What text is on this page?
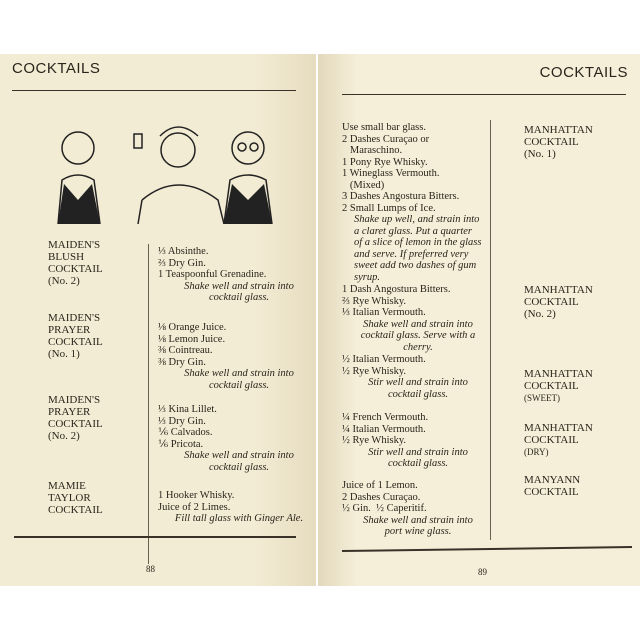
COCKTAILS
MAIDEN'S
BLUSH
COCKTAIL
(No. 2)
⅓ Absinthe.
⅔ Dry Gin.
1 Teaspoonful Grenadine.
Shake well and strain into cocktail glass.
MAIDEN'S
PRAYER
COCKTAIL
(No. 1)
⅛ Orange Juice.
⅛ Lemon Juice.
⅜ Cointreau.
⅜ Dry Gin.
Shake well and strain into cocktail glass.
MAIDEN'S
PRAYER
COCKTAIL
(No. 2)
⅓ Kina Lillet.
⅓ Dry Gin.
⅙ Calvados.
⅙ Pricota.
Shake well and strain into cocktail glass.
MAMIE
TAYLOR
COCKTAIL
1 Hooker Whisky.
Juice of 2 Limes.
Fill tall glass with Ginger Ale.
88
COCKTAILS
Use small bar glass.
2 Dashes Curaçao or
Maraschino.
1 Pony Rye Whisky.
1 Wineglass Vermouth.
(Mixed)
3 Dashes Angostura Bitters.
2 Small Lumps of Ice.
Shake up well, and strain into a claret glass. Put a quarter of a slice of lemon in the glass and serve. If preferred very sweet add two dashes of gum syrup.
MANHATTAN
COCKTAIL
(No. 1)
1 Dash Angostura Bitters.
⅔ Rye Whisky.
⅓ Italian Vermouth.
Shake well and strain into cocktail glass. Serve with a cherry.
MANHATTAN
COCKTAIL
(No. 2)
½ Italian Vermouth.
½ Rye Whisky.
Stir well and strain into cocktail glass.

MANHATTAN
COCKTAIL
(SWEET)

¼ French Vermouth.
¼ Italian Vermouth.
½ Rye Whisky.
Stir well and strain into cocktail glass.

MANHATTAN
COCKTAIL
(DRY)

Juice of 1 Lemon.
2 Dashes Curaçao.
½ Gin.  ½ Caperitif.
Shake well and strain into port wine glass.
MANYANN
COCKTAIL
89
